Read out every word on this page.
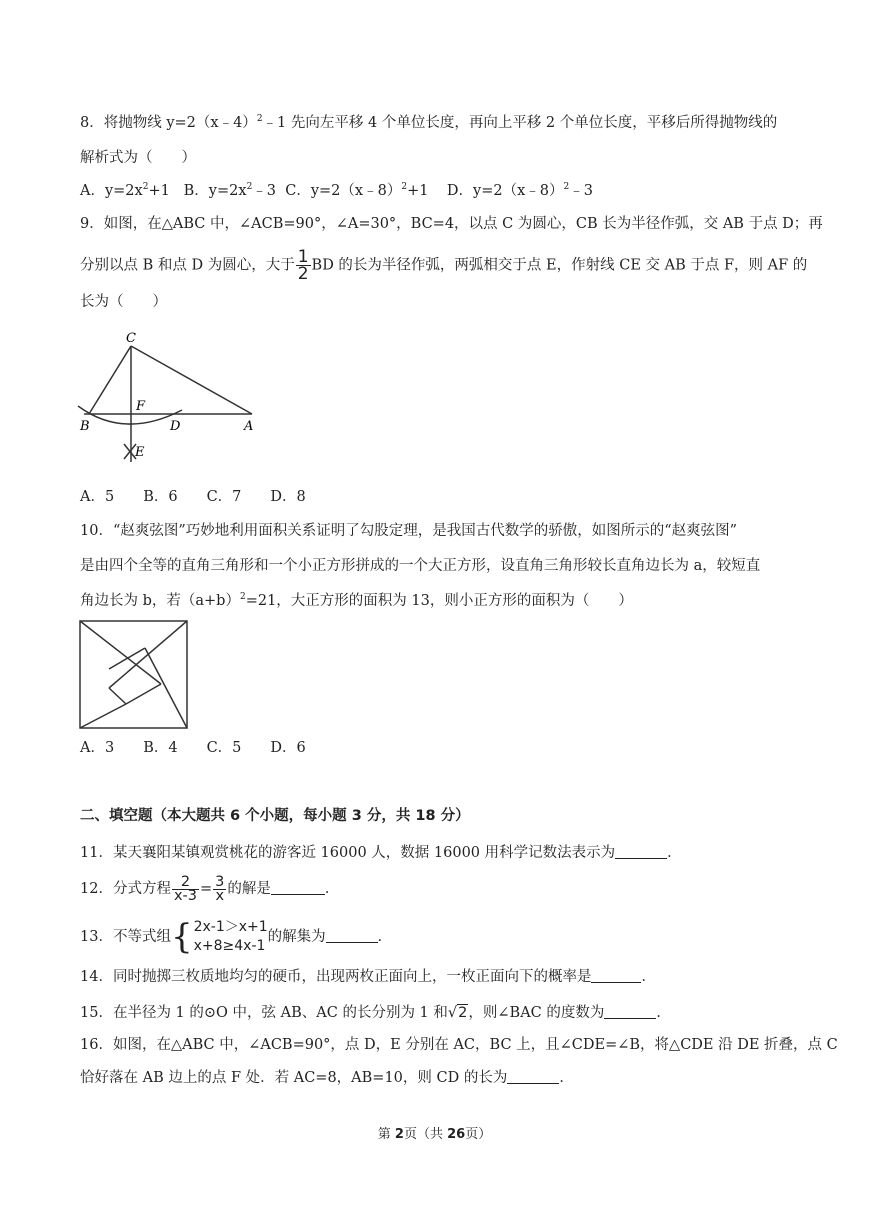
8．将抛物线 y=2（x﹣4）$^2$﹣1 先向左平移 4 个单位长度，再向上平移 2 个单位长度，平移后所得抛物线的
解析式为（　　）
A．$y=2x^2+1$ B．$y=2x^2﹣3$ C．y=2（x﹣8）$^2$+1 D．y=2（x﹣8）$^2$﹣3
9．如图，在△ABC 中，∠ACB=90°，∠A=30°，BC=4，以点 C 为圆心，CB 长为半径作弧，交 AB 于点 D；再
分别以点 B 和点 D 为圆心，大于 $\frac{1}{2}$ BD 的长为半径作弧，两弧相交于点 E，作射线 CE 交 AB 于点 F，则 AF 的
长为（　　）
C
F
B	D	A
E
A．5　　B．6　　C．7　　D．8
10．“赵爽弦图”巧妙地利用面积关系证明了勾股定理，是我国古代数学的骄傲，如图所示的“赵爽弦图”
是由四个全等的直角三角形和一个小正方形拼成的一个大正方形，设直角三角形较长直角边长为 a，较短直
角边长为 b，若$(a+b)^2=21$，大正方形的面积为 13，则小正方形的面积为（　　）
A．3　　B．4　　C．5　　D．6
二、填空题（本大题共 6 个小题，每小题 3 分，共 18 分）
11．某天襄阳某镇观赏桃花的游客近 16000 人，数据 16000 用科学记数法表示为	．
12．分式方程 $\frac{2}{x-3} = \frac{3}{x}$ 的解是	．
13．不等式组 { 2x-1＞x+1
x+8≥4x-1
的解集为	．
14．同时抛掷三枚质地均匀的硬币，出现两枚正面向上，一枚正面向下的概率是	．
15．在半径为 1 的⊙O 中，弦 AB、AC 的长分别为 1 和√2，则∠BAC 的度数为	．
16．如图，在△ABC 中，∠ACB=90°，点 D，E 分别在 AC，BC 上，且∠CDE=∠B，将△CDE 沿 DE 折叠，点 C
恰好落在 AB 边上的点 F 处．若 AC=8，AB=10，则 CD 的长为	．
第 2页（共 26页）
